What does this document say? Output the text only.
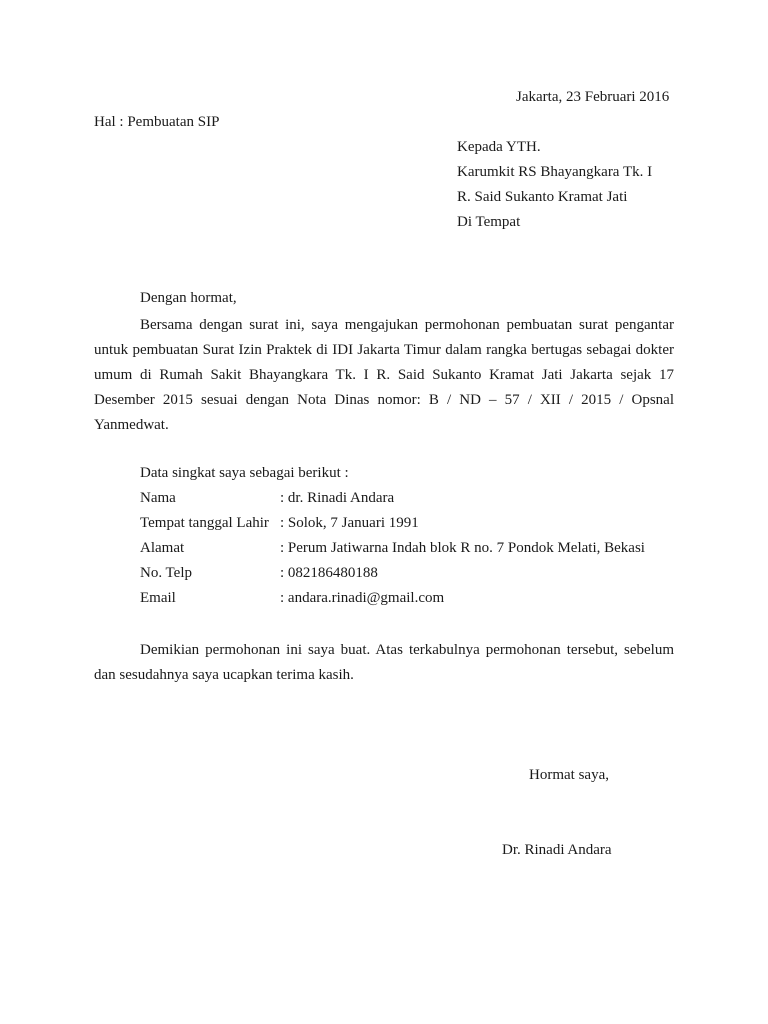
Jakarta, 23 Februari 2016
Hal : Pembuatan SIP
Kepada YTH.
Karumkit RS Bhayangkara Tk. I
R. Said Sukanto Kramat Jati
Di Tempat
Dengan hormat,
Bersama dengan surat ini, saya mengajukan permohonan pembuatan surat pengantar untuk pembuatan Surat Izin Praktek di IDI Jakarta Timur dalam rangka bertugas sebagai dokter umum di Rumah Sakit Bhayangkara Tk. I R. Said Sukanto Kramat Jati Jakarta sejak 17 Desember 2015 sesuai dengan Nota Dinas nomor: B / ND – 57 / XII / 2015 / Opsnal Yanmedwat.
Data singkat saya sebagai berikut :
Nama	: dr. Rinadi Andara
Tempat tanggal Lahir	: Solok, 7 Januari 1991
Alamat	: Perum Jatiwarna Indah blok R no. 7 Pondok Melati, Bekasi
No. Telp	: 082186480188
Email	: andara.rinadi@gmail.com
Demikian permohonan ini saya buat. Atas terkabulnya permohonan tersebut, sebelum dan sesudahnya saya ucapkan terima kasih.
Hormat saya,
Dr. Rinadi Andara
